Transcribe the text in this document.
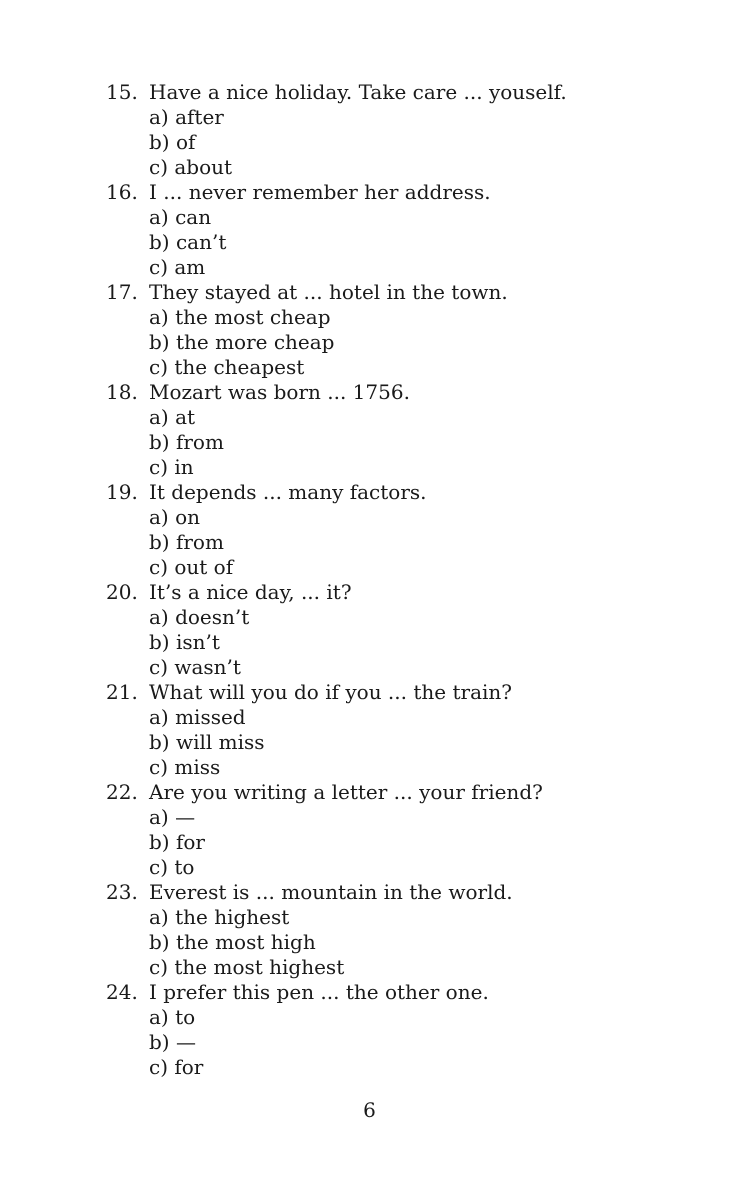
15. Have a nice holiday. Take care ... youself.
a) after
b) of
c) about
16. I ... never remember her address.
a) can
b) can’t
c) am
17. They stayed at ... hotel in the town.
a) the most cheap
b) the more cheap
c) the cheapest
18. Mozart was born ... 1756.
a) at
b) from
c) in
19. It depends ... many factors.
a) on
b) from
c) out of
20. It’s a nice day, ... it?
a) doesn’t
b) isn’t
c) wasn’t
21. What will you do if you ... the train?
a) missed
b) will miss
c) miss
22. Are you writing a letter ... your friend?
a) —
b) for
c) to
23. Everest is ... mountain in the world.
a) the highest
b) the most high
c) the most highest
24. I prefer this pen ... the other one.
a) to
b) —
c) for
6
